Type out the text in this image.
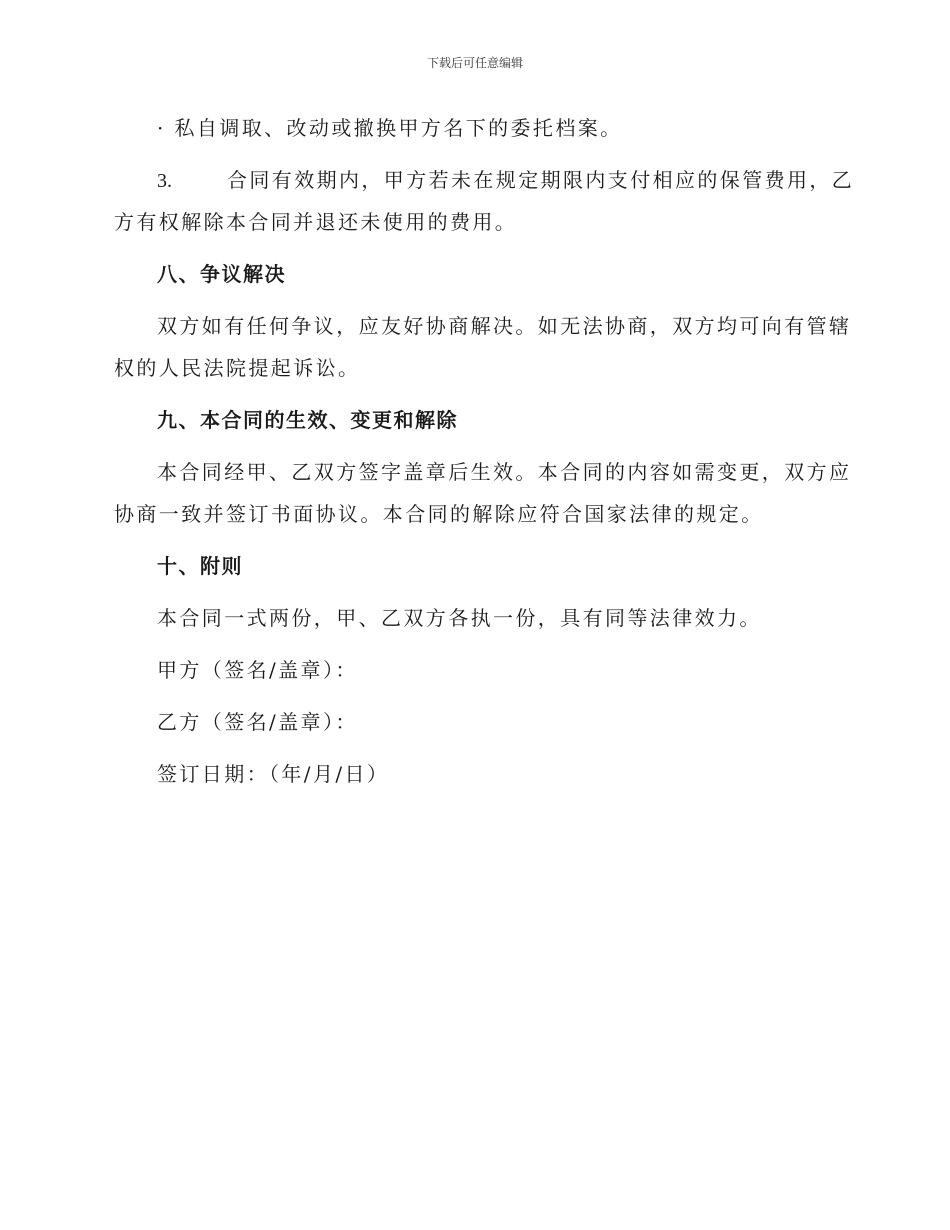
下载后可任意编辑
· 私自调取、改动或撤换甲方名下的委托档案。
3.	合同有效期内，甲方若未在规定期限内支付相应的保管费用，乙
方有权解除本合同并退还未使用的费用。
八、争议解决
双方如有任何争议，应友好协商解决。如无法协商，双方均可向有管辖
权的人民法院提起诉讼。
九、本合同的生效、变更和解除
本合同经甲、乙双方签字盖章后生效。本合同的内容如需变更，双方应
协商一致并签订书面协议。本合同的解除应符合国家法律的规定。
十、附则
本合同一式两份，甲、乙双方各执一份，具有同等法律效力。
甲方（签名/盖章）：
乙方（签名/盖章）：
签订日期：（年/月/日）
